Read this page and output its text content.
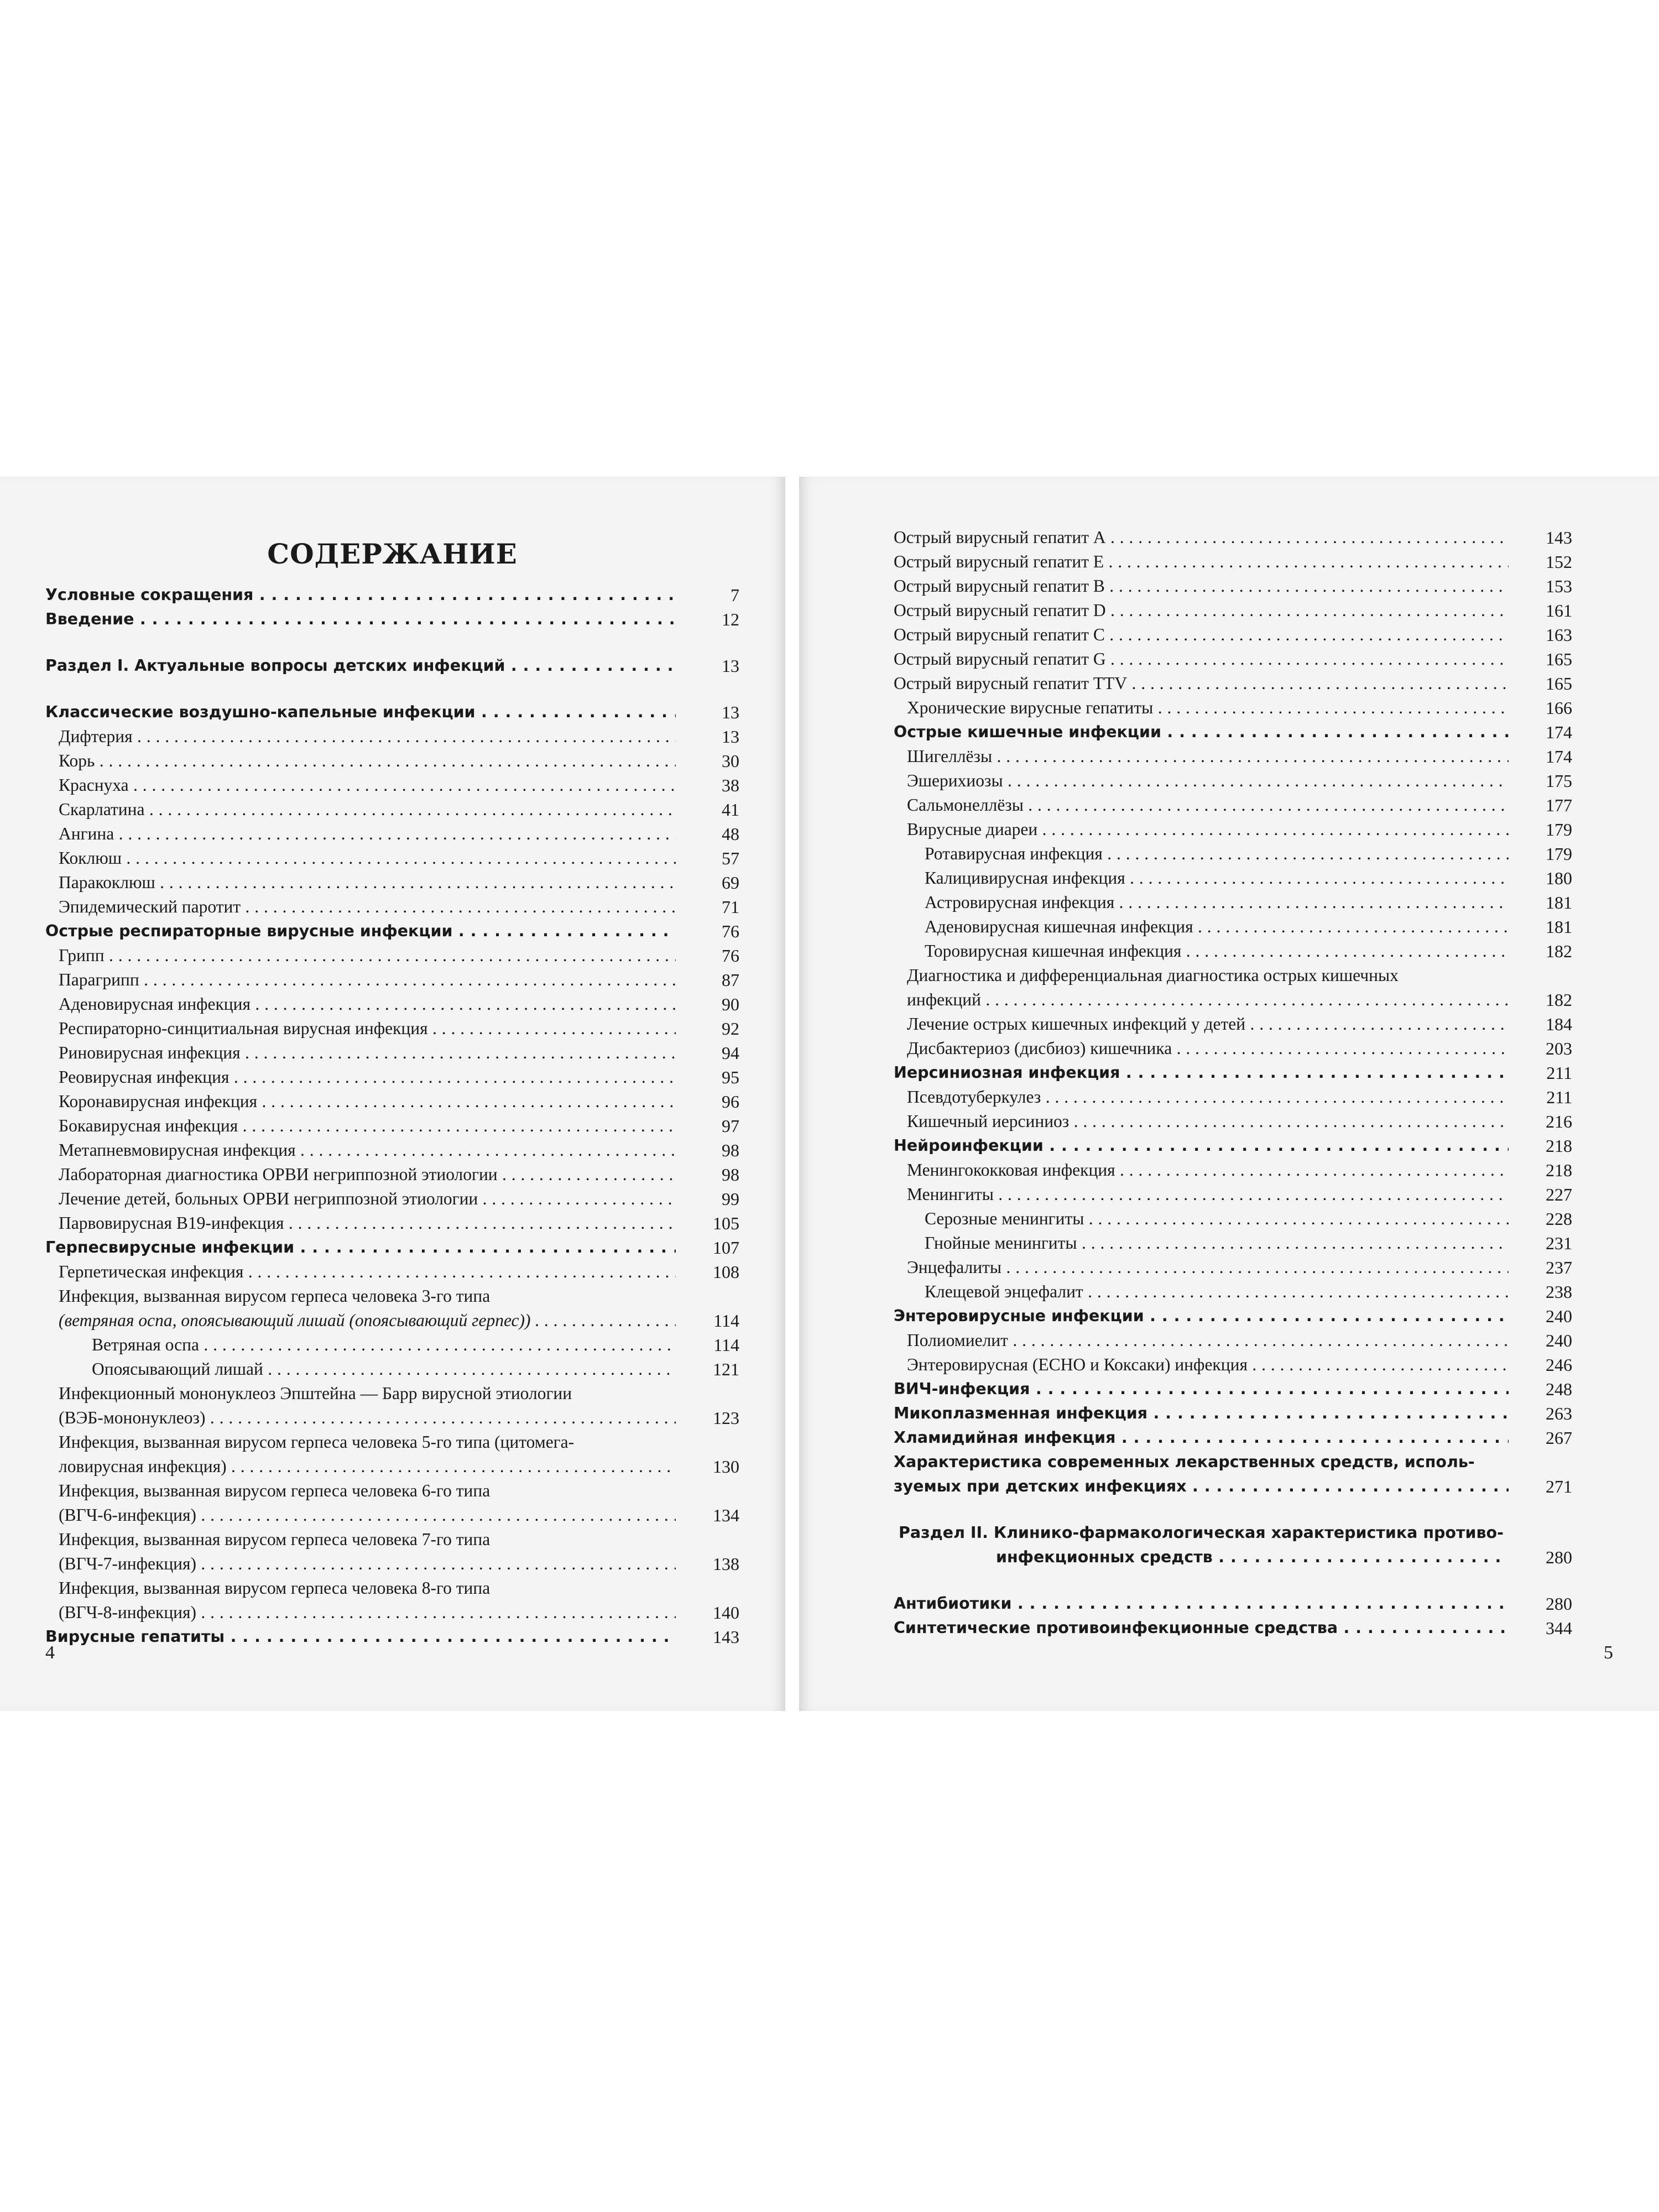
СОДЕРЖАНИЕ
Условные сокращения . . .	7
Введение . . .	12
Раздел I. Актуальные вопросы детских инфекций . . .	13
Классические воздушно-капельные инфекции . . .	13
Дифтерия . . .	13
Корь . . .	30
Краснуха . . .	38
Скарлатина . . .	41
Ангина . . .	48
Коклюш . . .	57
Паракоклюш . . .	69
Эпидемический паротит . . .	71
Острые респираторные вирусные инфекции . . .	76
Грипп . . .	76
Парагрипп . . .	87
Аденовирусная инфекция . . .	90
Респираторно-синцитиальная вирусная инфекция . . .	92
Риновирусная инфекция . . .	94
Реовирусная инфекция . . .	95
Коронавирусная инфекция . . .	96
Бокавирусная инфекция . . .	97
Метапневмовирусная инфекция . . .	98
Лабораторная диагностика ОРВИ негриппозной этиологии . . .	98
Лечение детей, больных ОРВИ негриппозной этиологии . . .	99
Парвовирусная В19-инфекция . . .	105
Герпесвирусные инфекции . . .	107
Герпетическая инфекция . . .	108
Инфекция, вызванная вирусом герпеса человека 3-го типа
(ветряная оспа, опоясывающий лишай (опоясывающий герпес)) . . .	114
Ветряная оспа . . .	114
Опоясывающий лишай . . .	121
Инфекционный мононуклеоз Эпштейна — Барр вирусной этиологии
(ВЭБ-мононуклеоз) . . .	123
Инфекция, вызванная вирусом герпеса человека 5-го типа (цитомега-
ловирусная инфекция) . . .	130
Инфекция, вызванная вирусом герпеса человека 6-го типа
(ВГЧ-6-инфекция) . . .	134
Инфекция, вызванная вирусом герпеса человека 7-го типа
(ВГЧ-7-инфекция) . . .	138
Инфекция, вызванная вирусом герпеса человека 8-го типа
(ВГЧ-8-инфекция) . . .	140
Вирусные гепатиты . . .	143
4
Острый вирусный гепатит А . . .	143
Острый вирусный гепатит Е . . .	152
Острый вирусный гепатит В . . .	153
Острый вирусный гепатит D . . .	161
Острый вирусный гепатит С . . .	163
Острый вирусный гепатит G . . .	165
Острый вирусный гепатит TTV . . .	165
Хронические вирусные гепатиты . . .	166
Острые кишечные инфекции . . .	174
Шигеллёзы . . .	174
Эшерихиозы . . .	175
Сальмонеллёзы . . .	177
Вирусные диареи . . .	179
Ротавирусная инфекция . . .	179
Калицивирусная инфекция . . .	180
Астровирусная инфекция . . .	181
Аденовирусная кишечная инфекция . . .	181
Торовирусная кишечная инфекция . . .	182
Диагностика и дифференциальная диагностика острых кишечных
инфекций . . .	182
Лечение острых кишечных инфекций у детей . . .	184
Дисбактериоз (дисбиоз) кишечника . . .	203
Иерсиниозная инфекция . . .	211
Псевдотуберкулез . . .	211
Кишечный иерсиниоз . . .	216
Нейроинфекции . . .	218
Менингококковая инфекция . . .	218
Менингиты . . .	227
Серозные менингиты . . .	228
Гнойные менингиты . . .	231
Энцефалиты . . .	237
Клещевой энцефалит . . .	238
Энтеровирусные инфекции . . .	240
Полиомиелит . . .	240
Энтеровирусная (ЕСНО и Коксаки) инфекция . . .	246
ВИЧ-инфекция . . .	248
Микоплазменная инфекция . . .	263
Хламидийная инфекция . . .	267
Характеристика современных лекарственных средств, исполь-
зуемых при детских инфекциях . . .	271
Раздел II. Клинико-фармакологическая характеристика противо-
инфекционных средств . . .	280
Антибиотики . . .	280
Синтетические противоинфекционные средства . . .	344
5
